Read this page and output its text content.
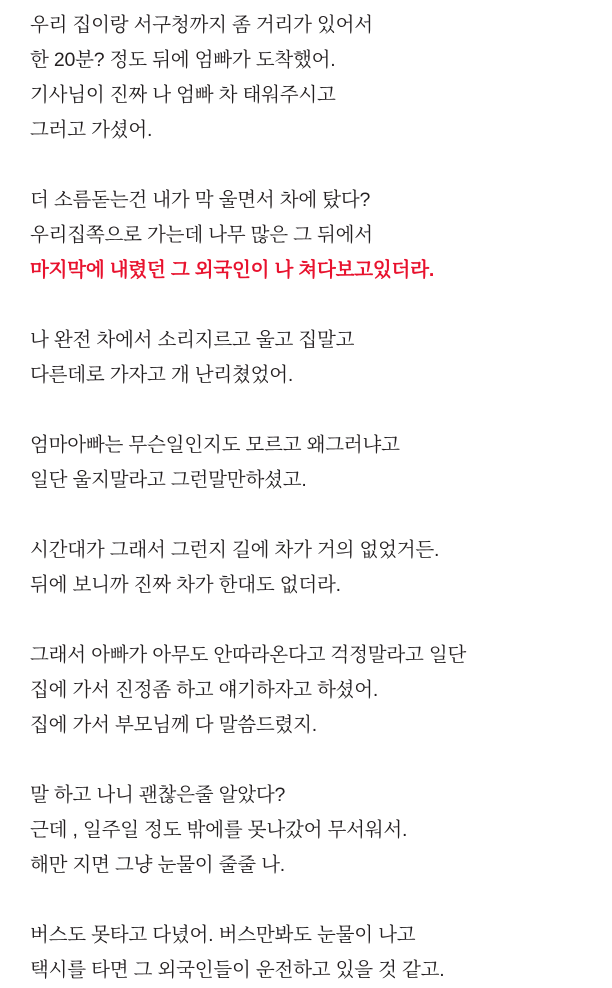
우리 집이랑 서구청까지 좀 거리가 있어서
한 20분? 정도 뒤에 엄빠가 도착했어.
기사님이 진짜 나 엄빠 차 태워주시고
그러고 가셨어.

더 소름돋는건 내가 막 울면서 차에 탔다?
우리집쪽으로 가는데 나무 많은 그 뒤에서
마지막에 내렸던 그 외국인이 나 쳐다보고있더라.

나 완전 차에서 소리지르고 울고 집말고
다른데로 가자고 개 난리쳤었어.

엄마아빠는 무슨일인지도 모르고 왜그러냐고
일단 울지말라고 그런말만하셨고.

시간대가 그래서 그런지 길에 차가 거의 없었거든.
뒤에 보니까 진짜 차가 한대도 없더라.

그래서 아빠가 아무도 안따라온다고 걱정말라고 일단
집에 가서 진정좀 하고 얘기하자고 하셨어.
집에 가서 부모님께 다 말씀드렸지.

말 하고 나니 괜찮은줄 알았다?
근데 , 일주일 정도 밖에를 못나갔어 무서워서.
해만 지면 그냥 눈물이 줄줄 나.

버스도 못타고 다녔어. 버스만봐도 눈물이 나고
택시를 타면 그 외국인들이 운전하고 있을 것 같고.
